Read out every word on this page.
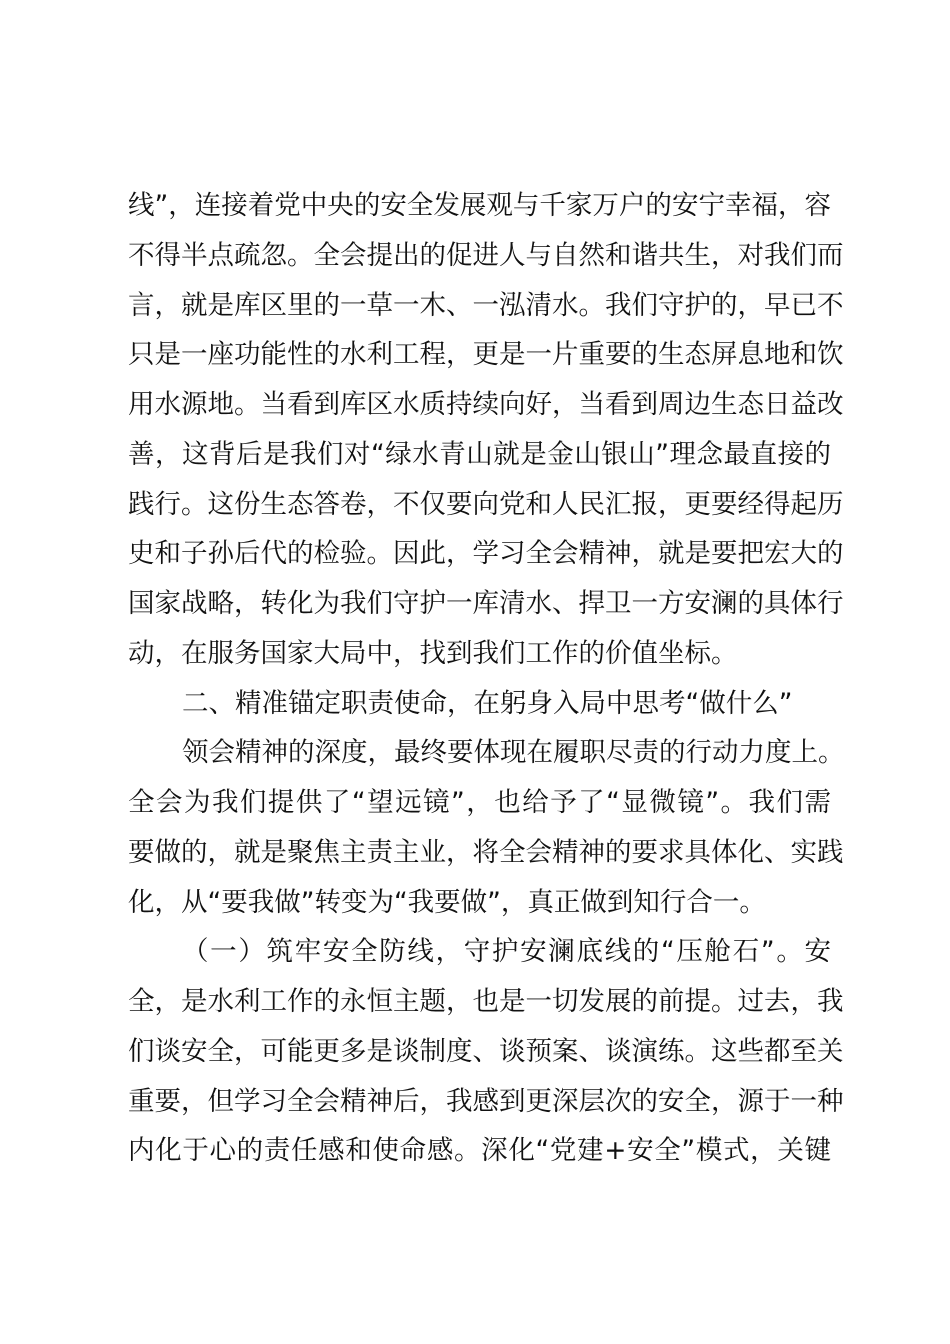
线”，连接着党中央的安全发展观与千家万户的安宁幸福，容
不得半点疏忽。全会提出的促进人与自然和谐共生，对我们而
言，就是库区里的一草一木、一泓清水。我们守护的，早已不
只是一座功能性的水利工程，更是一片重要的生态屏息地和饮
用水源地。当看到库区水质持续向好，当看到周边生态日益改
善，这背后是我们对“绿水青山就是金山银山”理念最直接的
践行。这份生态答卷，不仅要向党和人民汇报，更要经得起历
史和子孙后代的检验。因此，学习全会精神，就是要把宏大的
国家战略，转化为我们守护一库清水、捍卫一方安澜的具体行
动，在服务国家大局中，找到我们工作的价值坐标。
二、精准锚定职责使命，在躬身入局中思考“做什么”
领会精神的深度，最终要体现在履职尽责的行动力度上。
全会为我们提供了“望远镜”，也给予了“显微镜”。我们需
要做的，就是聚焦主责主业，将全会精神的要求具体化、实践
化，从“要我做”转变为“我要做”，真正做到知行合一。
（一）筑牢安全防线，守护安澜底线的“压舱石”。安
全，是水利工作的永恒主题，也是一切发展的前提。过去，我
们谈安全，可能更多是谈制度、谈预案、谈演练。这些都至关
重要，但学习全会精神后，我感到更深层次的安全，源于一种
内化于心的责任感和使命感。深化“党建+安全”模式，关键
